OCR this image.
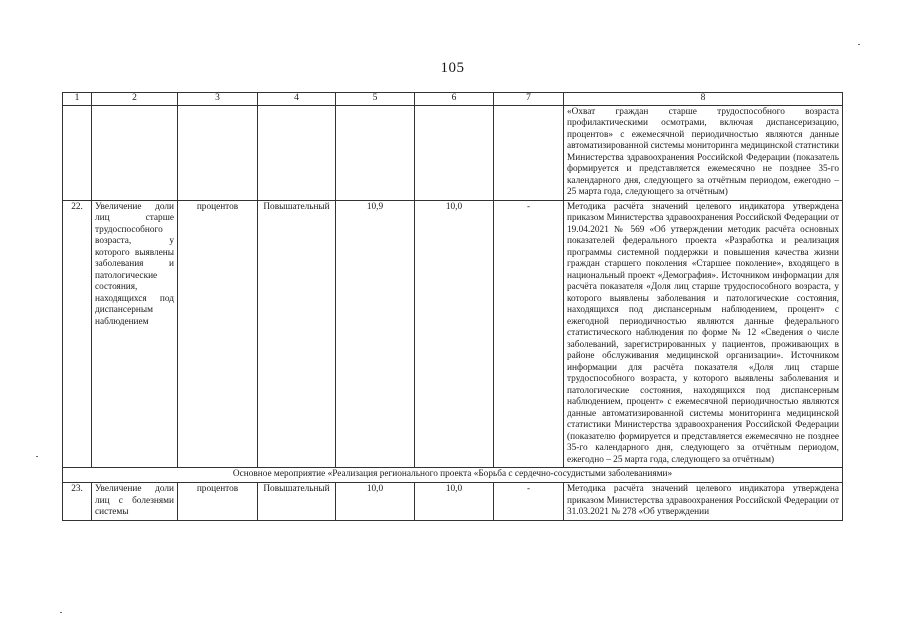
105
1	2	3	4	5	6	7	8
							«Охват граждан старше трудоспособного возраста профилактическими осмотрами, включая диспансеризацию, процентов» с ежемесячной периодичностью являются данные автоматизированной системы мониторинга медицинской статистики Министерства здравоохранения Российской Федерации (показатель формируется и представляется ежемесячно не позднее 35-го календарного дня, следующего за отчётным периодом, ежегодно – 25 марта года, следующего за отчётным)
22.	Увеличение доли лиц старше трудоспособного возраста, у которого выявлены заболевания и патологические состояния, находящихся под диспансерным наблюдением	процентов	Повышательный	10,9	10,0	-	Методика расчёта значений целевого индикатора утверждена приказом Министерства здравоохранения Российской Федерации от 19.04.2021 № 569 «Об утверждении методик расчёта основных показателей федерального проекта «Разработка и реализация программы системной поддержки и повышения качества жизни граждан старшего поколения «Старшее поколение», входящего в национальный проект «Демография». Источником информации для расчёта показателя «Доля лиц старше трудоспособного возраста, у которого выявлены заболевания и патологические состояния, находящихся под диспансерным наблюдением, процент» с ежегодной периодичностью являются данные федерального статистического наблюдения по форме № 12 «Сведения о числе заболеваний, зарегистрированных у пациентов, проживающих в районе обслуживания медицинской организации». Источником информации для расчёта показателя «Доля лиц старше трудоспособного возраста, у которого выявлены заболевания и патологические состояния, находящихся под диспансерным наблюдением, процент» с ежемесячной периодичностью являются данные автоматизированной системы мониторинга медицинской статистики Министерства здравоохранения Российской Федерации (показателю формируется и представляется ежемесячно не позднее 35-го календарного дня, следующего за отчётным периодом, ежегодно – 25 марта года, следующего за отчётным)
Основное мероприятие «Реализация регионального проекта «Борьба с сердечно-сосудистыми заболеваниями»							
23.	Увеличение доли лиц с болезнями системы	процентов	Повышательный	10,0	10,0	-	Методика расчёта значений целевого индикатора утверждена приказом Министерства здравоохранения Российской Федерации от 31.03.2021 № 278 «Об утверждении
